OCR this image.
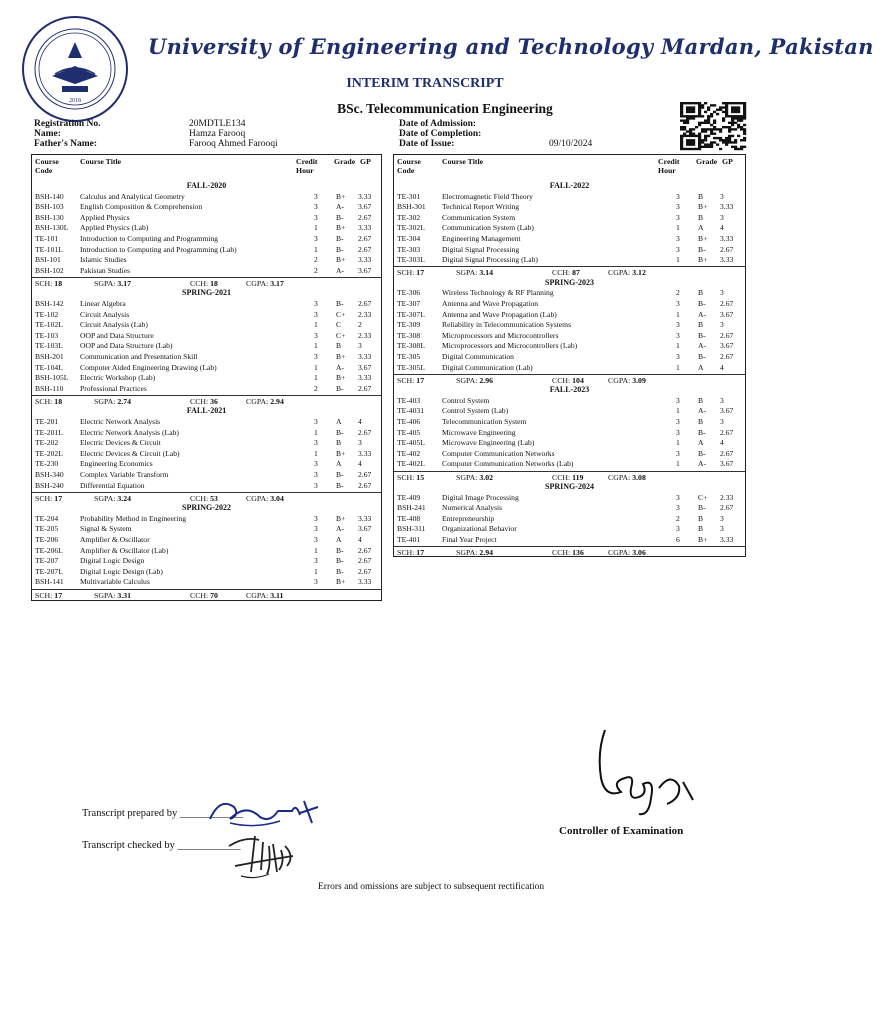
2018
University of Engineering and Technology Mardan, Pakistan
INTERIM TRANSCRIPT
BSc. Telecommunication Engineering
Registration No.	20MDTLE134
Name:	Hamza Farooq
Father's Name:	Farooq Ahmed Farooqi
Date of Admission:
Date of Completion:
Date of Issue:	09/10/2024
Course Code
Course Title	Credit Hour
Grade GP
FALL-2020
BSH-140 Calculus and Analytical Geometry	3 B+ 3.33
BSH-103 English Composition & Comprehension	3 A- 3.67
BSH-130 Applied Physics	3 B- 2.67
BSH-130L Applied Physics (Lab)	1 B+ 3.33
TE-101	Introduction to Computing and Programming	3 B- 2.67
TE-101L Introduction to Computing and Programming (Lab)	1 B- 2.67
BSI-101	Islamic Studies	2 B+ 3.33
BSH-102 Pakistan Studies	2 A- 3.67
SCH: 18	SGPA: 3.17	CCH: 18	CGPA: 3.17
SPRING-2021
BSH-142 Linear Algebra	3 B- 2.67
TE-102	Circuit Analysis	3 C+ 2.33
TE-102L Circuit Analysis (Lab)	1 C 2
TE-103	OOP and Data Structure	3 C+ 2.33
TE-103L OOP and Data Structure (Lab)	1 B 3
BSH-201 Communication and Presentation Skill	3 B+ 3.33
TE-104L Computer Aided Engineering Drawing (Lab)	1 A- 3.67
BSH-105L Electric Workshop (Lab)	1 B+ 3.33
BSH-110 Professional Practices	2 B- 2.67
SCH: 18	SGPA: 2.74	CCH: 36	CGPA: 2.94
FALL-2021
TE-201	Electric Network Analysis	3 A 4
TE-201L Electric Network Analysis (Lab)	1 B- 2.67
TE-202	Electric Devices & Circuit	3 B 3
TE-202L Electric Devices & Circuit (Lab)	1 B+ 3.33
TE-230	Engineering Economics	3 A 4
BSH-340 Complex Variable Transform	3 B- 2.67
BSH-240 Differential Equation	3 B- 2.67
SCH: 17	SGPA: 3.24	CCH: 53	CGPA: 3.04
SPRING-2022
TE-204	Probability Method in Engineering	3 B+ 3.33
TE-205	Signal & System	3 A- 3.67
TE-206	Amplifier & Oscillator	3 A 4
TE-206L Amplifier & Oscillator (Lab)	1 B- 2.67
TE-207	Digital Logic Design	3 B- 2.67
TE-207L Digital Logic Design (Lab)	1 B- 2.67
BSH-141 Multivariable Calculus	3 B+ 3.33
SCH: 17	SGPA: 3.31	CCH: 70	CGPA: 3.11
Course Code
Course Title	Credit Hour
Grade GP
FALL-2022
TE-301	Electromagnetic Field Theory	3 B 3
BSH-301 Technical Report Writing	3 B+ 3.33
TE-302	Communication System	3 B 3
TE-302L Communication System (Lab)	1 A 4
TE-304	Engineering Management	3 B+ 3.33
TE-303	Digital Signal Processing	3 B- 2.67
TE-303L Digital Signal Processing (Lab)	1 B+ 3.33
SCH: 17	SGPA: 3.14	CCH: 87	CGPA: 3.12
SPRING-2023
TE-306	Wireless Technology & RF Planning	2 B 3
TE-307	Antenna and Wave Propagation	3 B- 2.67
TE-307L Antenna and Wave Propagation (Lab)	1 A- 3.67
TE-309	Reliability in Telecommunication Systems	3 B 3
TE-308	Microprocessors and Microcontrollers	3 B- 2.67
TE-308L Microprocessors and Microcontrollers (Lab)	1 A- 3.67
TE-305	Digital Communication	3 B- 2.67
TE-305L Digital Communication (Lab)	1 A 4
SCH: 17	SGPA: 2.96	CCH: 104	CGPA: 3.09
FALL-2023
TE-403	Control System	3 B 3
TE-4031 Control System (Lab)	1 A- 3.67
TE-406	Telecommunication System	3 B 3
TE-405	Microwave Engineering	3 B- 2.67
TE-405L Microwave Engineering (Lab)	1 A 4
TE-402	Computer Communication Networks	3 B- 2.67
TE-402L Computer Communication Networks (Lab)	1 A- 3.67
SCH: 15	SGPA: 3.02	CCH: 119	CGPA: 3.08
SPRING-2024
TE-409	Digital Image Processing	3 C+ 2.33
BSH-241 Numerical Analysis	3 B- 2.67
TE-408	Entrepreneurship	2 B 3
BSH-311 Organizational Behavior	3 B 3
TE-401	Final Year Project	6 B+ 3.33
SCH: 17	SGPA: 2.94	CCH: 136	CGPA: 3.06
Transcript prepared by ____________
Transcript checked by ____________
Controller of Examination
Errors and omissions are subject to subsequent rectification
